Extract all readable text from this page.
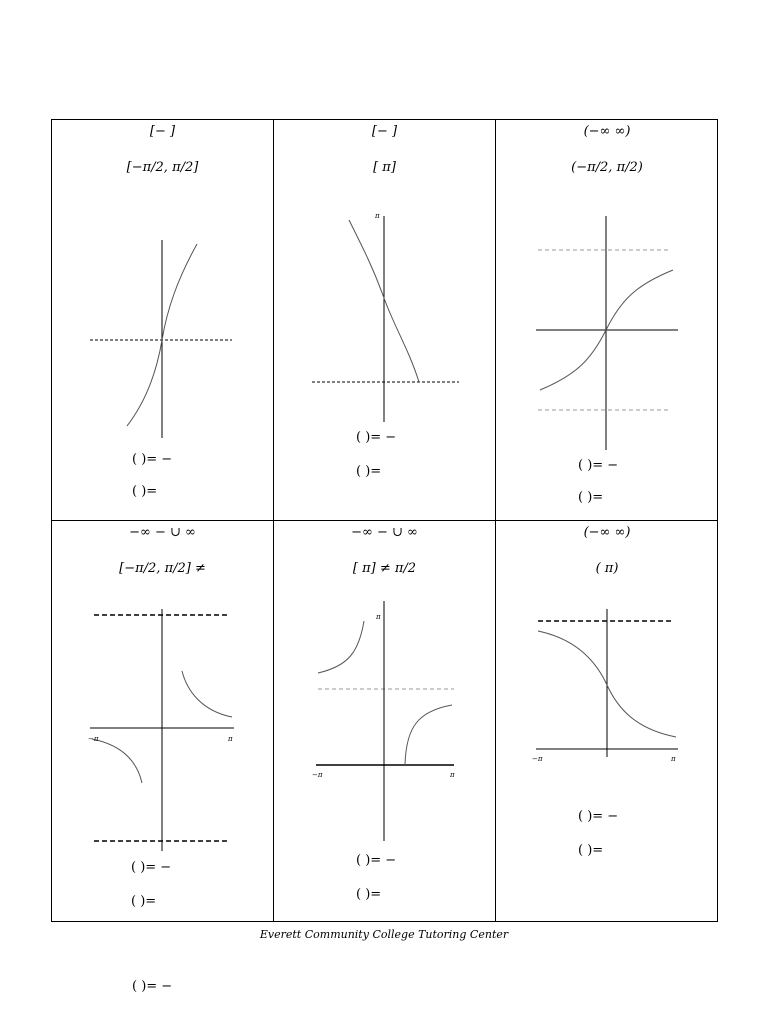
[− ]
[−π/2, π/2]
( )= −
( )=
[− ]
[ π]
π
( )= −
( )=
(−∞ ∞)
(−π/2, π/2)
( )= −
( )=
−∞ − ∪ ∞
[−π/2, π/2] ≠
−π	π
( )= −
−∞ − ∪ ∞
[ π] ≠ π/2
π
−π	π
( )= −
( )=
(−∞ ∞)
( π)
−π	π
( )= −
( )=
( )= −
( )=
Everett Community College Tutoring Center
